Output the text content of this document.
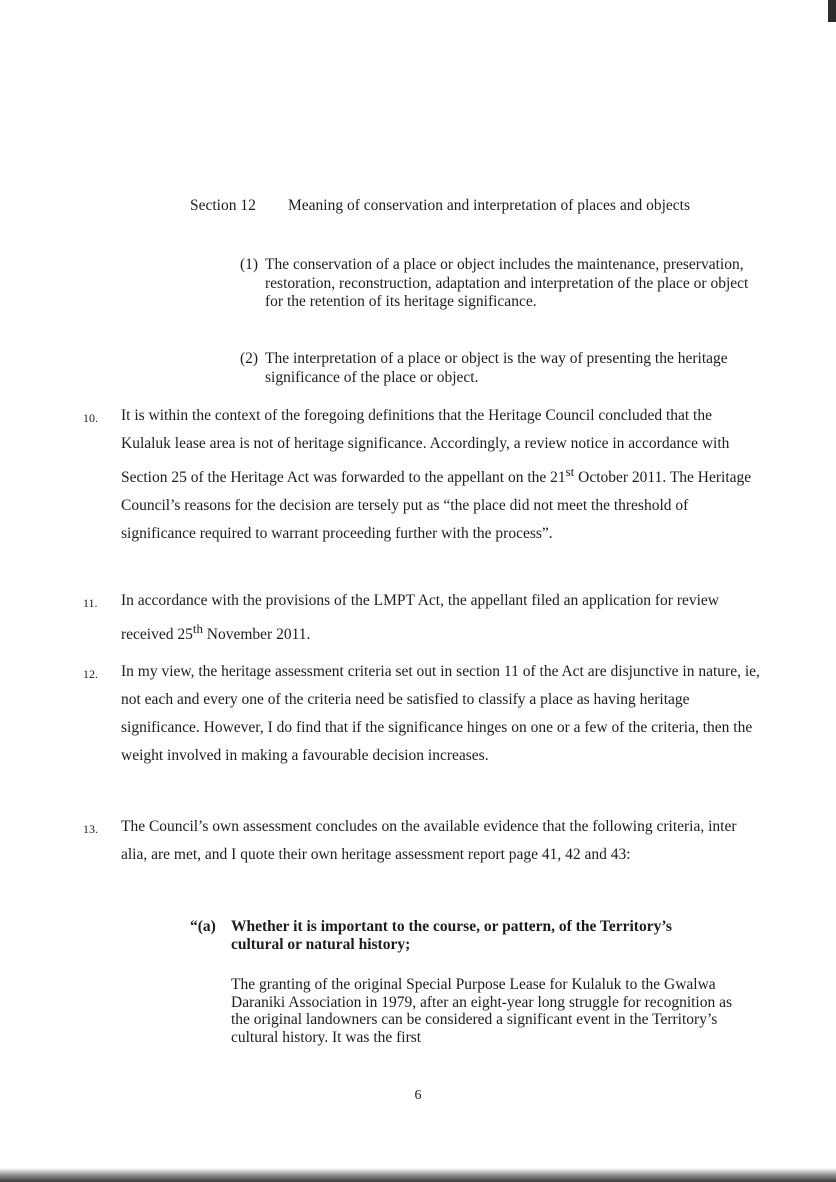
Section 12 Meaning of conservation and interpretation of places and objects
(1) The conservation of a place or object includes the maintenance, preservation, restoration, reconstruction, adaptation and interpretation of the place or object for the retention of its heritage significance.
(2) The interpretation of a place or object is the way of presenting the heritage significance of the place or object.
10. It is within the context of the foregoing definitions that the Heritage Council concluded that the Kulaluk lease area is not of heritage significance. Accordingly, a review notice in accordance with Section 25 of the Heritage Act was forwarded to the appellant on the 21st October 2011. The Heritage Council’s reasons for the decision are tersely put as “the place did not meet the threshold of significance required to warrant proceeding further with the process”.
11. In accordance with the provisions of the LMPT Act, the appellant filed an application for review received 25th November 2011.
12. In my view, the heritage assessment criteria set out in section 11 of the Act are disjunctive in nature, ie, not each and every one of the criteria need be satisfied to classify a place as having heritage significance. However, I do find that if the significance hinges on one or a few of the criteria, then the weight involved in making a favourable decision increases.
13. The Council’s own assessment concludes on the available evidence that the following criteria, inter alia, are met, and I quote their own heritage assessment report page 41, 42 and 43:
“(a) Whether it is important to the course, or pattern, of the Territory’s cultural or natural history;
The granting of the original Special Purpose Lease for Kulaluk to the Gwalwa Daraniki Association in 1979, after an eight-year long struggle for recognition as the original landowners can be considered a significant event in the Territory’s cultural history. It was the first
6
